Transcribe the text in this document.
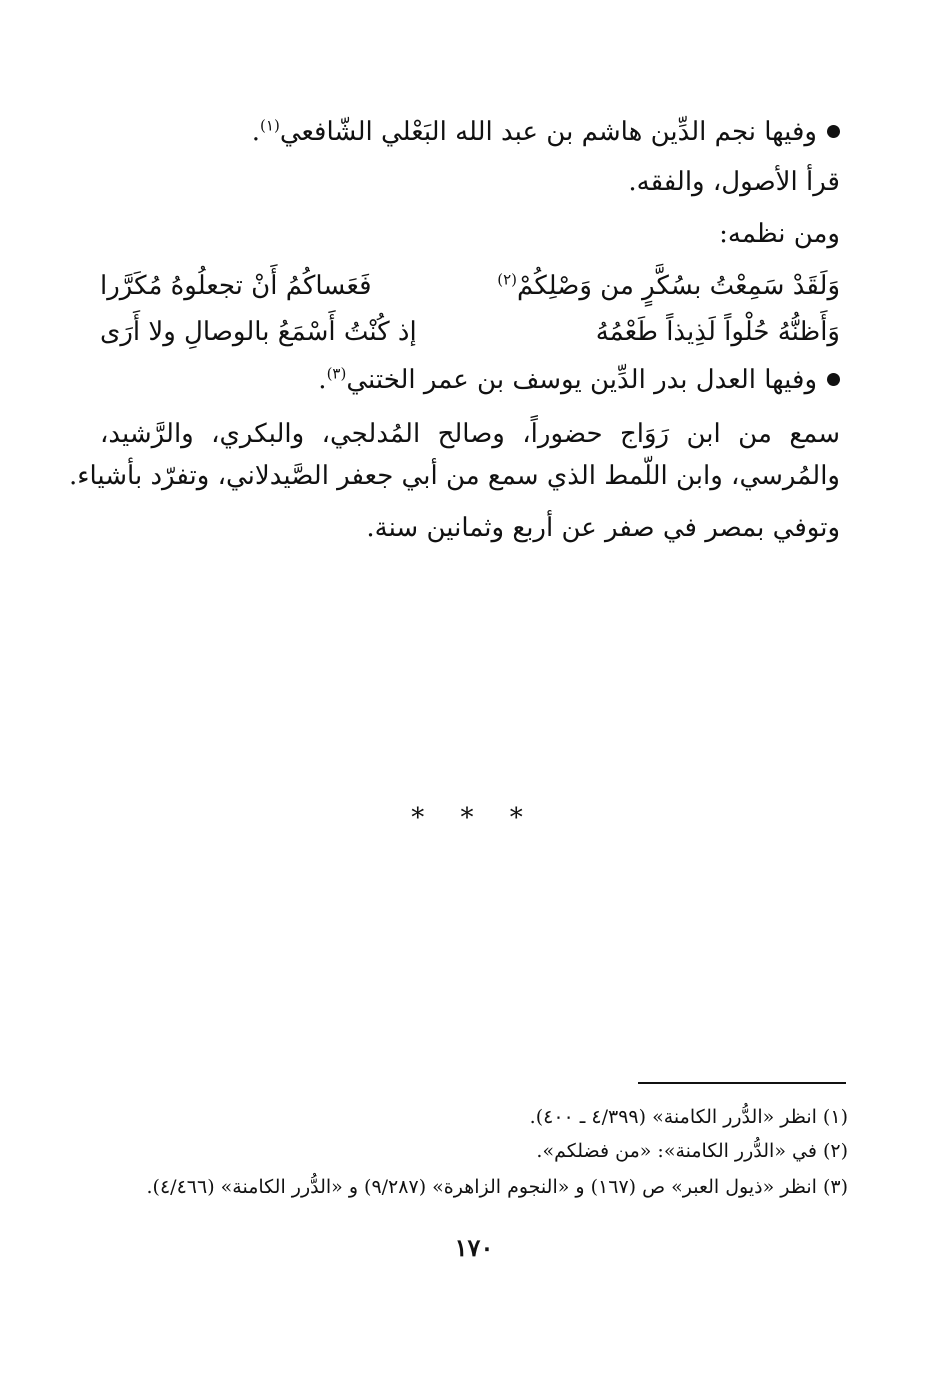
وفيها نجم الدِّين هاشم بن عبد الله البَعْلي الشّافعي$^{(١)}$.
قرأ الأصول، والفقه.
ومن نظمه:
وَلَقَدْ سَمِعْتُ بسُكَّرٍ من وَصْلِكُمْ$^{(٢)}$
فَعَساكُمُ أَنْ تجعلُوهُ مُكَرَّرا
وَأَظنُّهُ حُلْواً لَذِيذاً طَعْمُهُ
إذ كُنْتُ أَسْمَعُ بالوصالِ ولا أَرَى
وفيها العدل بدر الدِّين يوسف بن عمر الختني$^{(٣)}$.
سمع من ابن رَوَاج حضوراً، وصالح المُدلجي، والبكري، والرَّشيد،
والمُرسي، وابن اللّمط الذي سمع من أبي جعفر الصَّيدلاني، وتفرّد بأشياء.
وتوفي بمصر في صفر عن أربع وثمانين سنة.
* * *
(١) انظر «الدُّرر الكامنة» (٤/٣٩٩ ـ ٤٠٠).
(٢) في «الدُّرر الكامنة»: «من فضلكم».
(٣) انظر «ذيول العبر» ص (١٦٧) و «النجوم الزاهرة» (٩/٢٨٧) و «الدُّرر الكامنة» (٤/٤٦٦).
١٧٠
